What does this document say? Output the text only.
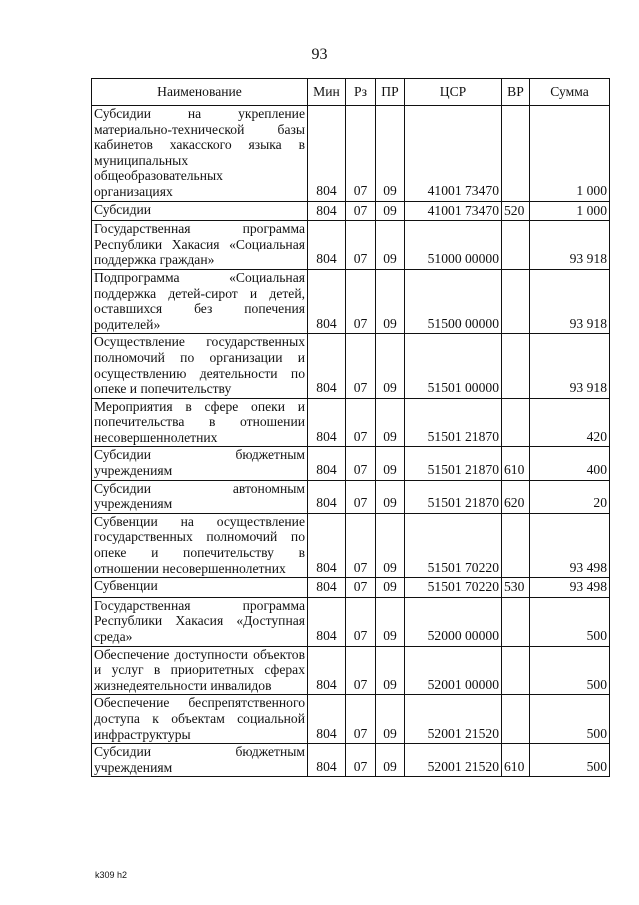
93
Наименование	Мин	Рз	ПР	ЦСР	ВР	Сумма
Субсидии на укрепление материально-технической базы кабинетов хакасского языка в муниципальных общеобразовательных организациях	804	07	09	41001 73470		1 000
Субсидии	804	07	09	41001 73470	520	1 000
Государственная программа Республики Хакасия «Социальная поддержка граждан»	804	07	09	51000 00000		93 918
Подпрограмма «Социальная поддержка детей-сирот и детей, оставшихся без попечения родителей»	804	07	09	51500 00000		93 918
Осуществление государственных полномочий по организации и осуществлению деятельности по опеке и попечительству	804	07	09	51501 00000		93 918
Мероприятия в сфере опеки и попечительства в отношении несовершеннолетних	804	07	09	51501 21870		420
Субсидии бюджетным учреждениям	804	07	09	51501 21870	610	400
Субсидии автономным учреждениям	804	07	09	51501 21870	620	20
Субвенции на осуществление государственных полномочий по опеке и попечительству в отношении несовершеннолетних	804	07	09	51501 70220		93 498
Субвенции	804	07	09	51501 70220	530	93 498
Государственная программа Республики Хакасия «Доступная среда»	804	07	09	52000 00000		500
Обеспечение доступности объектов и услуг в приоритетных сферах жизнедеятельности инвалидов	804	07	09	52001 00000		500
Обеспечение беспрепятственного доступа к объектам социальной инфраструктуры	804	07	09	52001 21520		500
Субсидии бюджетным учреждениям	804	07	09	52001 21520	610	500
k309 h2
